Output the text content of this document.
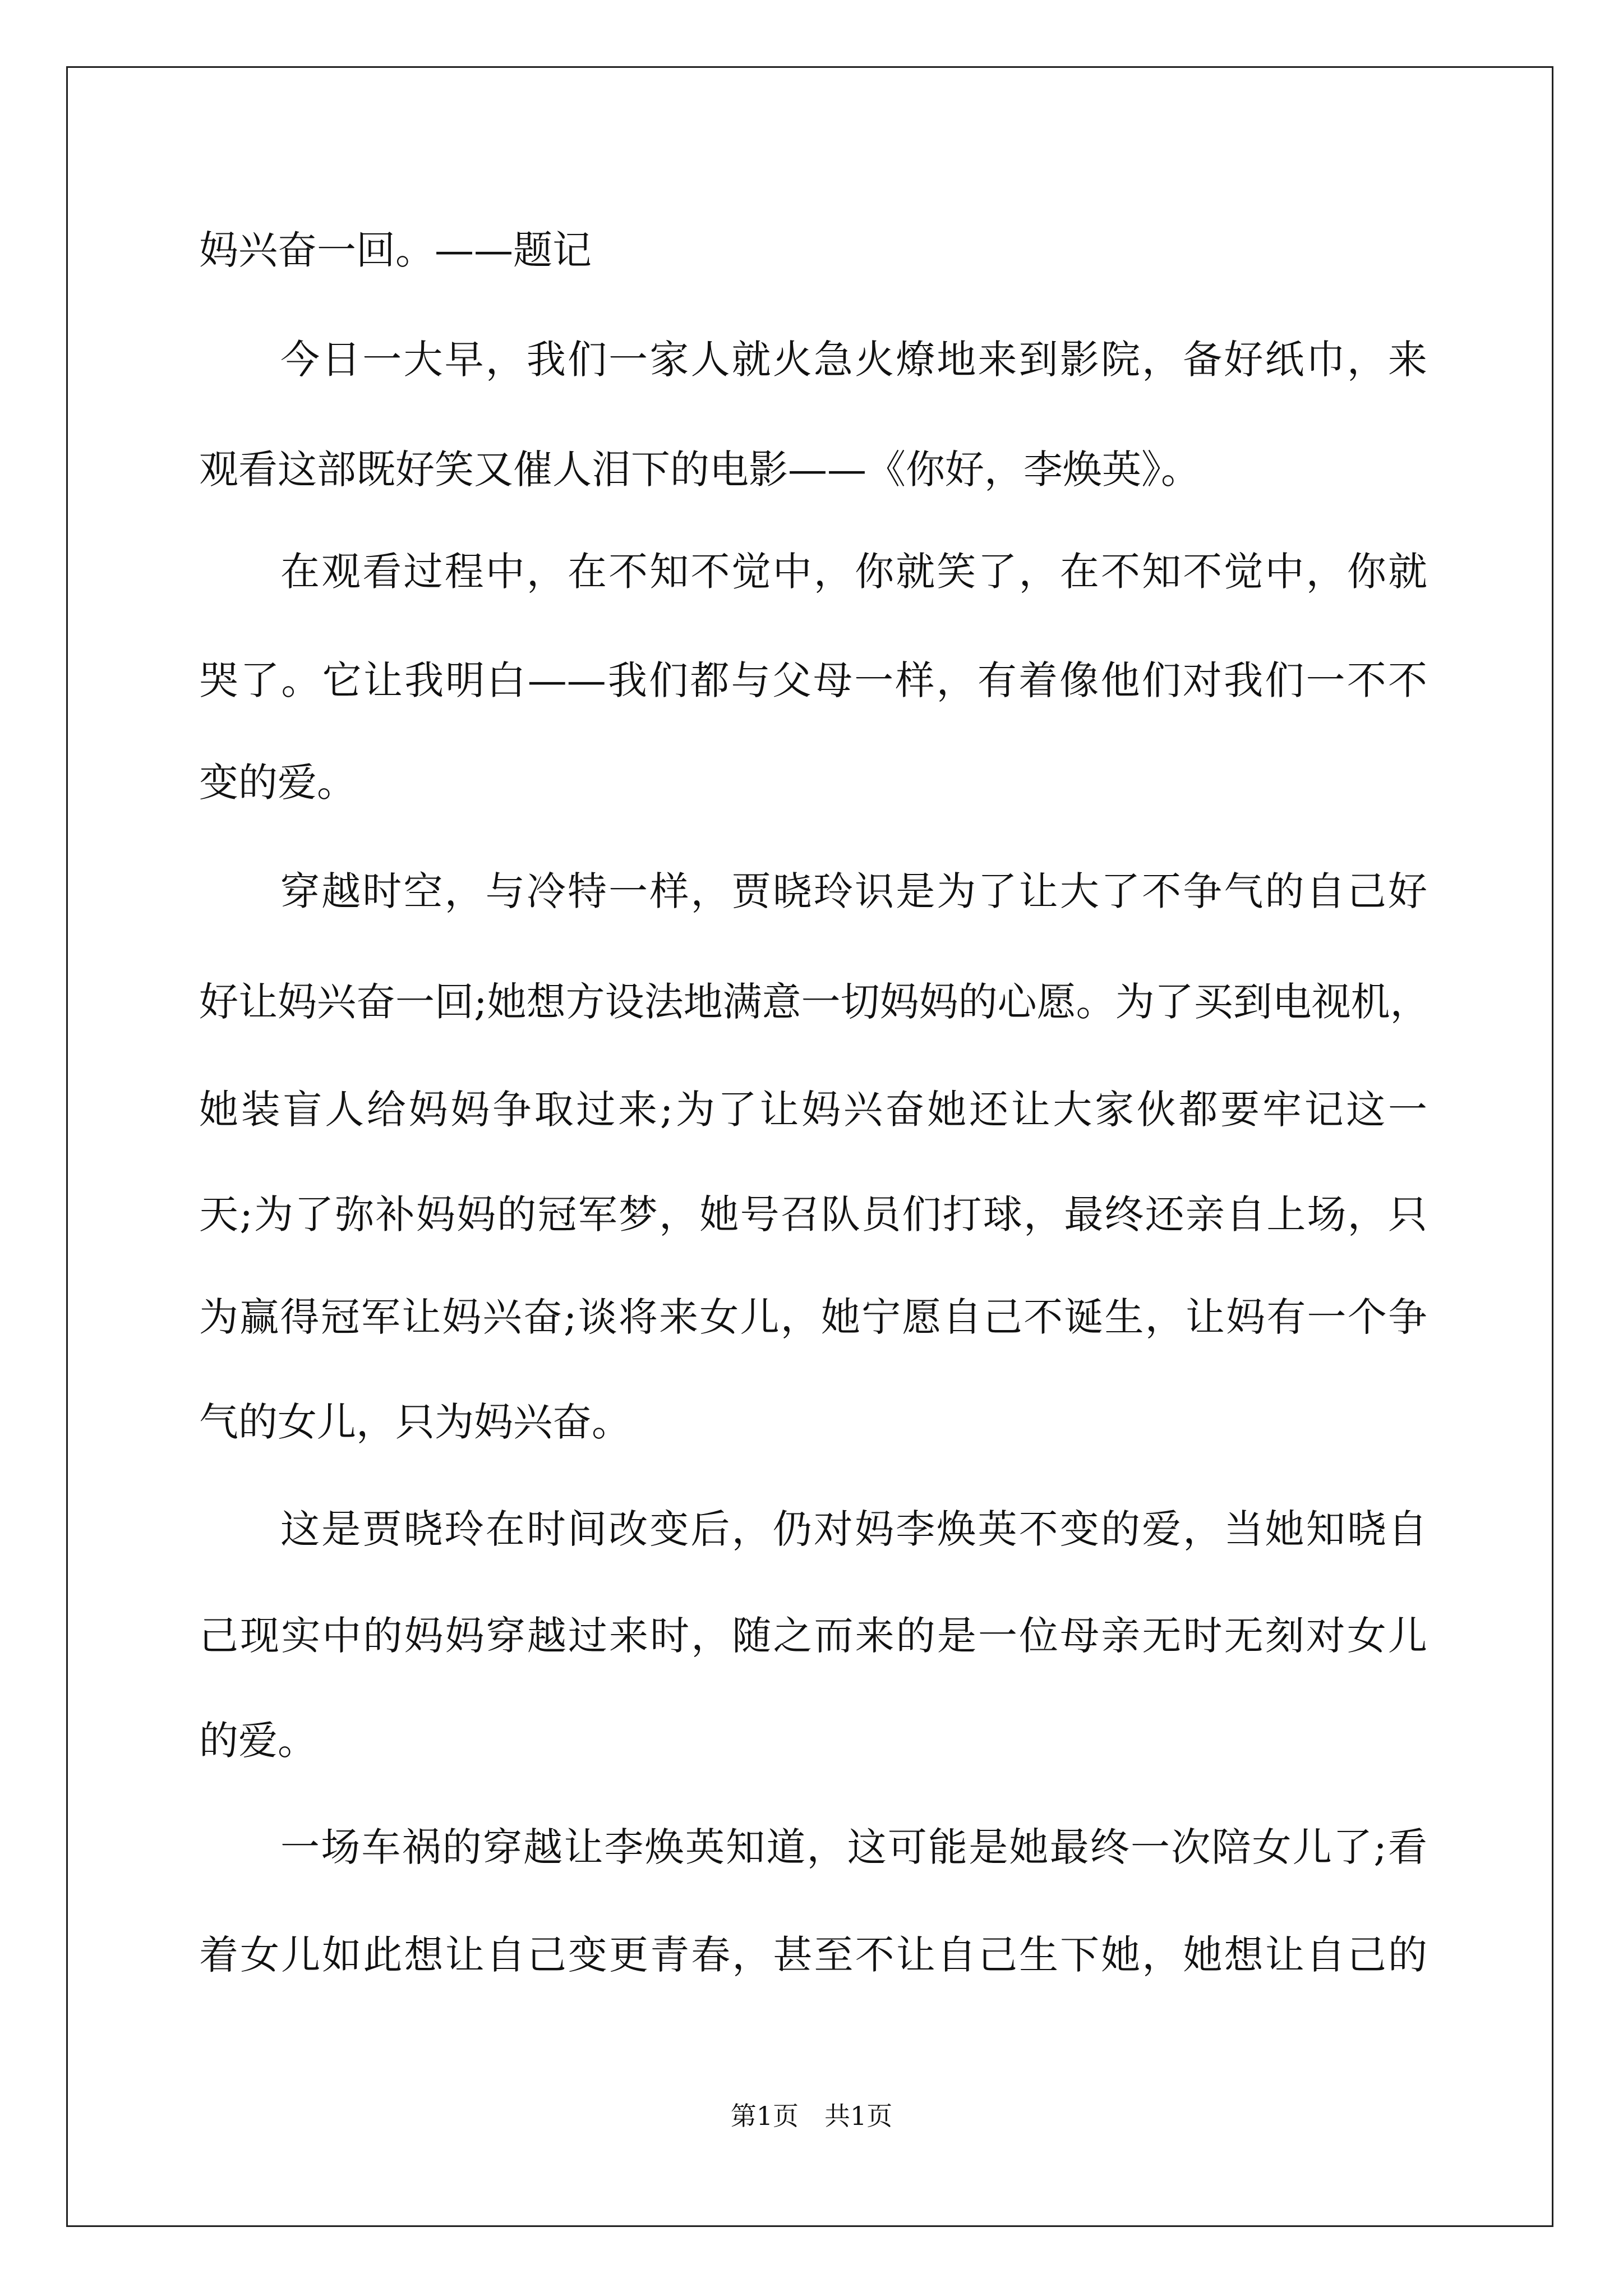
妈兴奋一回。——题记

今日一大早，我们一家人就火急火燎地来到影院，备好纸巾，来

观看这部既好笑又催人泪下的电影——《你好，李焕英》。

在观看过程中，在不知不觉中，你就笑了，在不知不觉中，你就

哭了。它让我明白——我们都与父母一样，有着像他们对我们一不不

变的爱。

穿越时空，与冷特一样，贾晓玲识是为了让大了不争气的自己好

好让妈兴奋一回;她想方设法地满意一切妈妈的心愿。为了买到电视机，

她装盲人给妈妈争取过来;为了让妈兴奋她还让大家伙都要牢记这一

天;为了弥补妈妈的冠军梦，她号召队员们打球，最终还亲自上场，只

为赢得冠军让妈兴奋;谈将来女儿，她宁愿自己不诞生，让妈有一个争

气的女儿，只为妈兴奋。

这是贾晓玲在时间改变后，仍对妈李焕英不变的爱，当她知晓自

己现实中的妈妈穿越过来时，随之而来的是一位母亲无时无刻对女儿

的爱。

一场车祸的穿越让李焕英知道，这可能是她最终一次陪女儿了;看

着女儿如此想让自己变更青春，甚至不让自己生下她，她想让自己的

第1页 共1页
